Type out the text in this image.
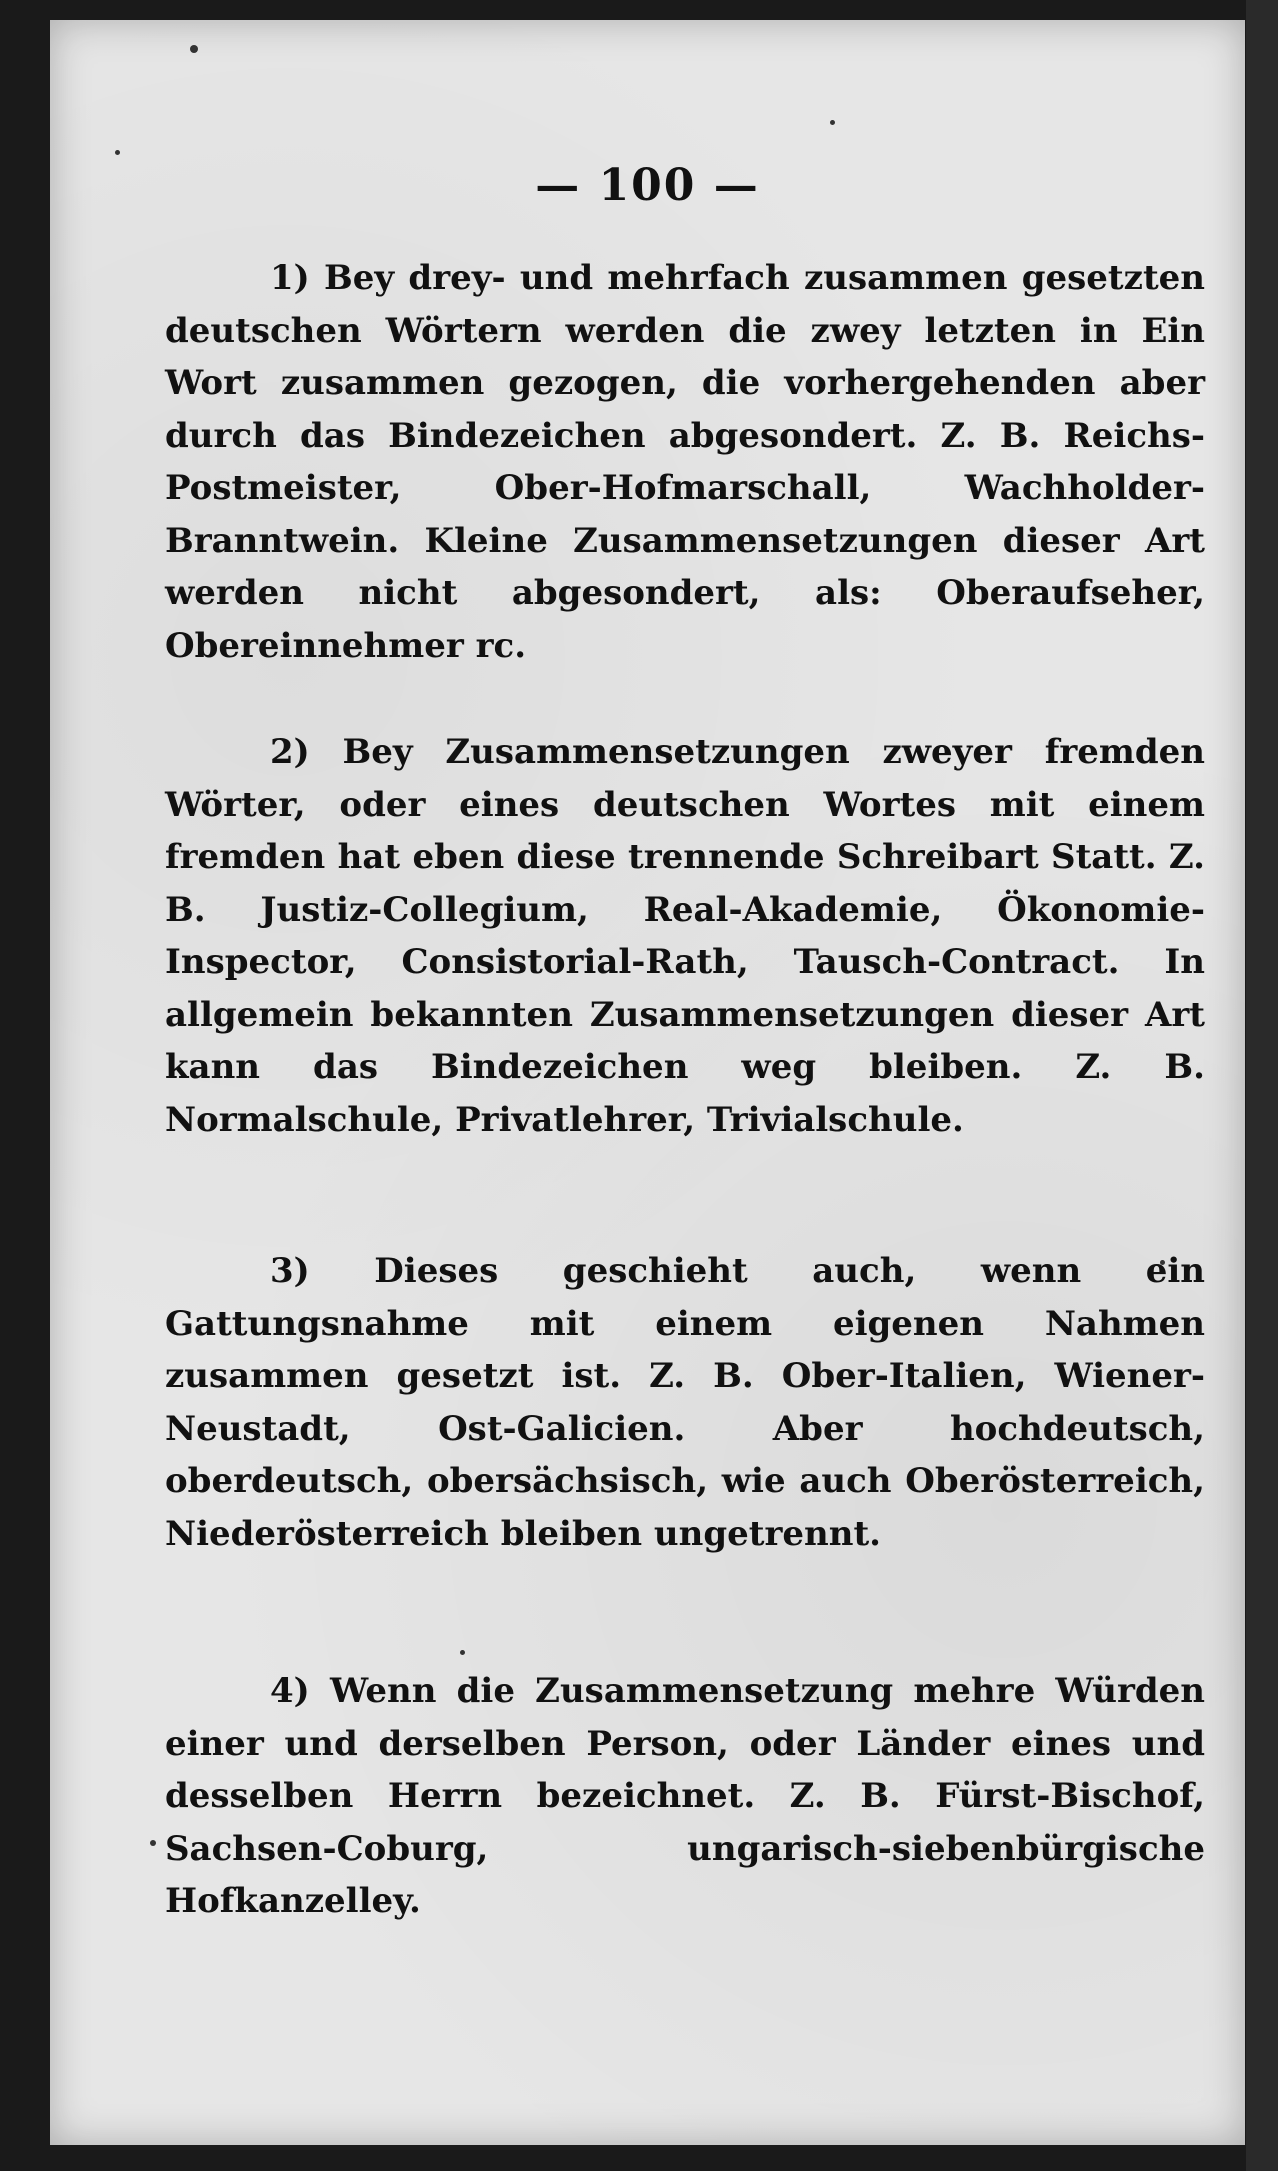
— 100 —

1) Bey drey- und mehrfach zusammen gesetzten deutschen Wörtern werden die zwey letzten in Ein Wort zusammen gezogen, die vorhergehenden aber durch das Bindezeichen abgesondert. Z. B. Reichs-Postmeister, Ober-Hofmarschall, Wachholder-Branntwein. Kleine Zusammensetzungen dieser Art werden nicht abgesondert, als: Oberaufseher, Obereinnehmer rc.

2) Bey Zusammensetzungen zweyer fremden Wörter, oder eines deutschen Wortes mit einem fremden hat eben diese trennende Schreibart Statt. Z. B. Justiz-Collegium, Real-Akademie, Ökonomie-Inspector, Consistorial-Rath, Tausch-Contract. In allgemein bekannten Zusammensetzungen dieser Art kann das Bindezeichen weg bleiben. Z. B. Normalschule, Privatlehrer, Trivialschule.

3) Dieses geschieht auch, wenn ein Gattungsnahme mit einem eigenen Nahmen zusammen gesetzt ist. Z. B. Ober-Italien, Wiener-Neustadt, Ost-Galicien. Aber hochdeutsch, oberdeutsch, obersächsisch, wie auch Oberösterreich, Niederösterreich bleiben ungetrennt.

4) Wenn die Zusammensetzung mehre Würden einer und derselben Person, oder Länder eines und desselben Herrn bezeichnet. Z. B. Fürst-Bischof, Sachsen-Coburg, ungarisch-siebenbürgische Hofkanzelley.
